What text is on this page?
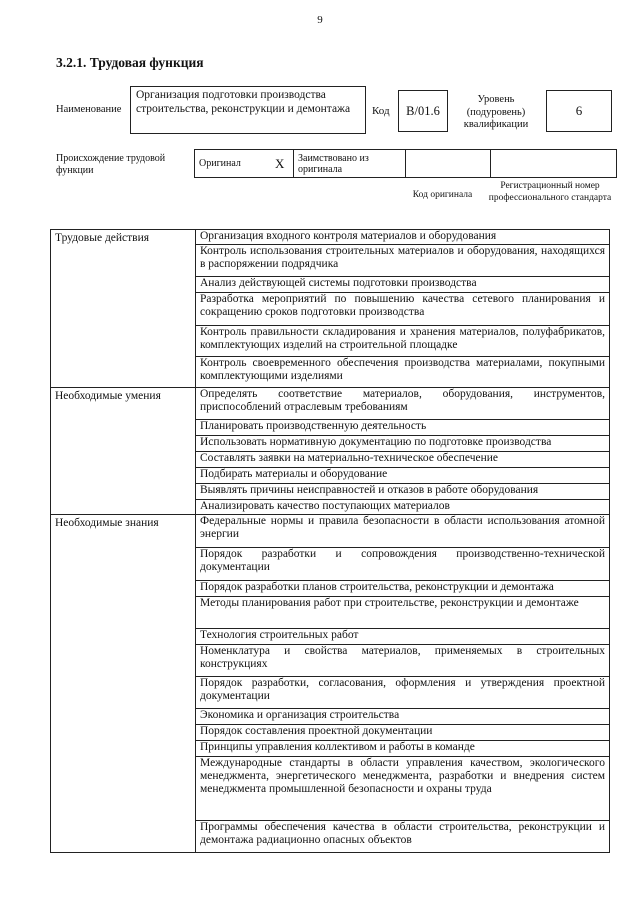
9
3.2.1. Трудовая функция
Наименование
Организация подготовки производства строительства, реконструкции и демонтажа	Код	B/01.6
Уровень (подуровень) квалификации
6
Происхождение трудовой функции
Оригинал	X	Заимствовано из оригинала		
Код оригинала
Регистрационный номер профессионального стандарта
Трудовые действия	Организация входного контроля материалов и оборудования
	Контроль использования строительных материалов и оборудования, находящихся в распоряжении подрядчика
	Анализ действующей системы подготовки производства
	Разработка мероприятий по повышению качества сетевого планирования и сокращению сроков подготовки производства
	Контроль правильности складирования и хранения материалов, полуфабрикатов, комплектующих изделий на строительной площадке
	Контроль своевременного обеспечения производства материалами, покупными комплектующими изделиями
Необходимые умения	Определять соответствие материалов, оборудования, инструментов, приспособлений отраслевым требованиям
	Планировать производственную деятельность
	Использовать нормативную документацию по подготовке производства
	Составлять заявки на материально-техническое обеспечение
	Подбирать материалы и оборудование
	Выявлять причины неисправностей и отказов в работе оборудования
	Анализировать качество поступающих материалов
Необходимые знания	Федеральные нормы и правила безопасности в области использования атомной энергии
	Порядок разработки и сопровождения производственно-технической документации
	Порядок разработки планов строительства, реконструкции и демонтажа
	Методы планирования работ при строительстве, реконструкции и демонтаже
	Технология строительных работ
	Номенклатура и свойства материалов, применяемых в строительных конструкциях
	Порядок разработки, согласования, оформления и утверждения проектной документации
	Экономика и организация строительства
	Порядок составления проектной документации
	Принципы управления коллективом и работы в команде
	Международные стандарты в области управления качеством, экологического менеджмента, энергетического менеджмента, разработки и внедрения систем менеджмента промышленной безопасности и охраны труда
	Программы обеспечения качества в области строительства, реконструкции и демонтажа радиационно опасных объектов
